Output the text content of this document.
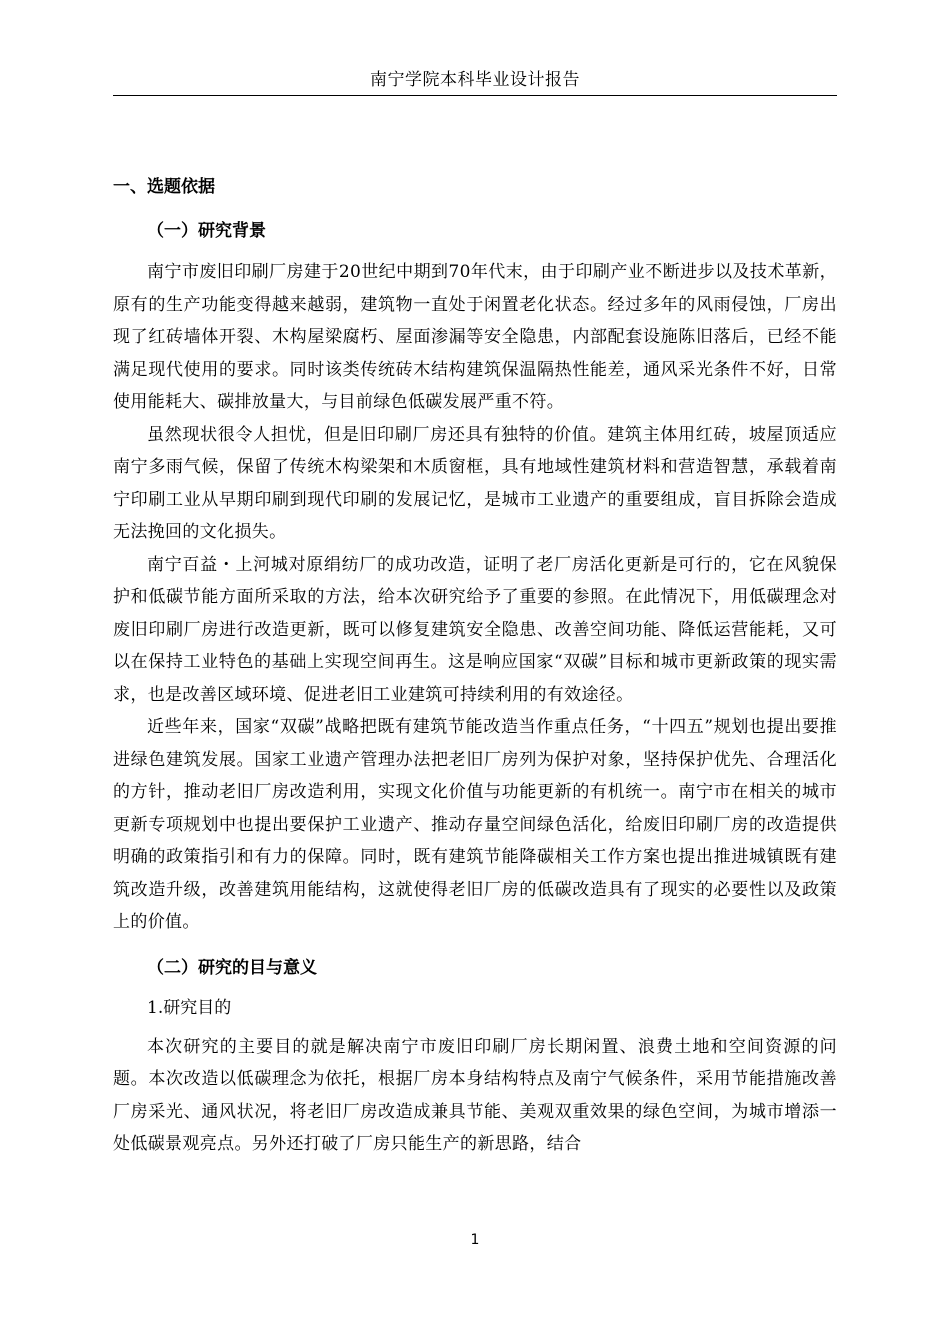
南宁学院本科毕业设计报告
一、选题依据
（一）研究背景

南宁市废旧印刷厂房建于20世纪中期到70年代末，由于印刷产业不断进步以及技术革新，原有的生产功能变得越来越弱，建筑物一直处于闲置老化状态。经过多年的风雨侵蚀，厂房出现了红砖墙体开裂、木构屋梁腐朽、屋面渗漏等安全隐患，内部配套设施陈旧落后，已经不能满足现代使用的要求。同时该类传统砖木结构建筑保温隔热性能差，通风采光条件不好，日常使用能耗大、碳排放量大，与目前绿色低碳发展严重不符。

虽然现状很令人担忧，但是旧印刷厂房还具有独特的价值。建筑主体用红砖，坡屋顶适应南宁多雨气候，保留了传统木构梁架和木质窗框，具有地域性建筑材料和营造智慧，承载着南宁印刷工业从早期印刷到现代印刷的发展记忆，是城市工业遗产的重要组成，盲目拆除会造成无法挽回的文化损失。

南宁百益・上河城对原绢纺厂的成功改造，证明了老厂房活化更新是可行的，它在风貌保护和低碳节能方面所采取的方法，给本次研究给予了重要的参照。在此情况下，用低碳理念对废旧印刷厂房进行改造更新，既可以修复建筑安全隐患、改善空间功能、降低运营能耗，又可以在保持工业特色的基础上实现空间再生。这是响应国家“双碳”目标和城市更新政策的现实需求，也是改善区域环境、促进老旧工业建筑可持续利用的有效途径。

近些年来，国家“双碳”战略把既有建筑节能改造当作重点任务，“十四五”规划也提出要推进绿色建筑发展。国家工业遗产管理办法把老旧厂房列为保护对象，坚持保护优先、合理活化的方针，推动老旧厂房改造利用，实现文化价值与功能更新的有机统一。南宁市在相关的城市更新专项规划中也提出要保护工业遗产、推动存量空间绿色活化，给废旧印刷厂房的改造提供明确的政策指引和有力的保障。同时，既有建筑节能降碳相关工作方案也提出推进城镇既有建筑改造升级，改善建筑用能结构，这就使得老旧厂房的低碳改造具有了现实的必要性以及政策上的价值。

（二）研究的目与意义
1.研究目的

本次研究的主要目的就是解决南宁市废旧印刷厂房长期闲置、浪费土地和空间资源的问题。本次改造以低碳理念为依托，根据厂房本身结构特点及南宁气候条件，采用节能措施改善厂房采光、通风状况，将老旧厂房改造成兼具节能、美观双重效果的绿色空间，为城市增添一处低碳景观亮点。另外还打破了厂房只能生产的新思路，结合

1
